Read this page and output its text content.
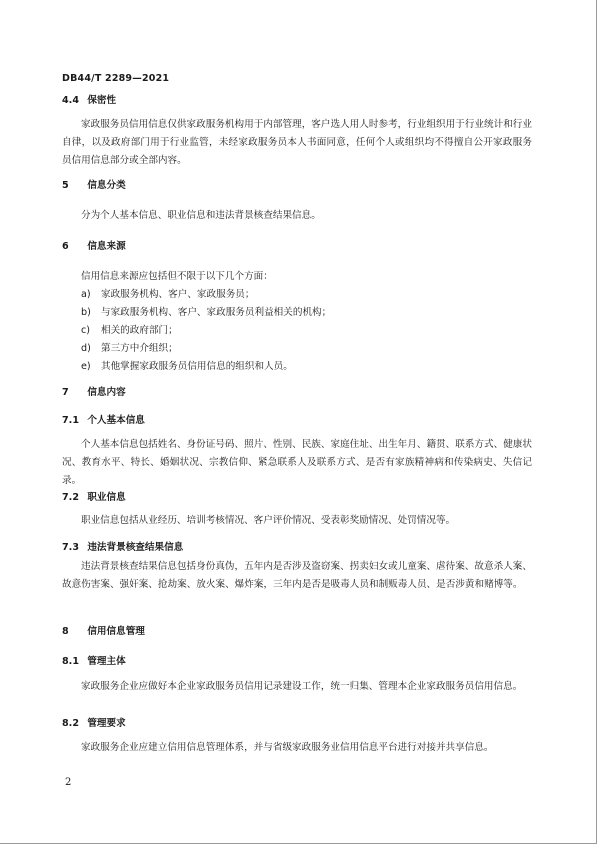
DB44/T 2289—2021
4.4 保密性
家政服务员信用信息仅供家政服务机构用于内部管理，客户选人用人时参考，行业组织用于行业统计和行业自律，以及政府部门用于行业监管，未经家政服务员本人书面同意，任何个人或组织均不得擅自公开家政服务员信用信息部分或全部内容。
5 信息分类
分为个人基本信息、职业信息和违法背景核查结果信息。
6 信息来源
信用信息来源应包括但不限于以下几个方面：
a) 家政服务机构、客户、家政服务员；
b) 与家政服务机构、客户、家政服务员利益相关的机构；
c) 相关的政府部门；
d) 第三方中介组织；
e) 其他掌握家政服务员信用信息的组织和人员。
7 信息内容
7.1 个人基本信息
个人基本信息包括姓名、身份证号码、照片、性别、民族、家庭住址、出生年月、籍贯、联系方式、健康状况、教育水平、特长、婚姻状况、宗教信仰、紧急联系人及联系方式、是否有家族精神病和传染病史、失信记录。
7.2 职业信息
职业信息包括从业经历、培训考核情况、客户评价情况、受表彰奖励情况、处罚情况等。
7.3 违法背景核查结果信息
违法背景核查结果信息包括身份真伪，五年内是否涉及盗窃案、拐卖妇女或儿童案、虐待案、故意杀人案、故意伤害案、强奸案、抢劫案、放火案、爆炸案，三年内是否是吸毒人员和制贩毒人员、是否涉黄和赌博等。
8 信用信息管理
8.1 管理主体
家政服务企业应做好本企业家政服务员信用记录建设工作，统一归集、管理本企业家政服务员信用信息。
8.2 管理要求
家政服务企业应建立信用信息管理体系，并与省级家政服务业信用信息平台进行对接并共享信息。
2
